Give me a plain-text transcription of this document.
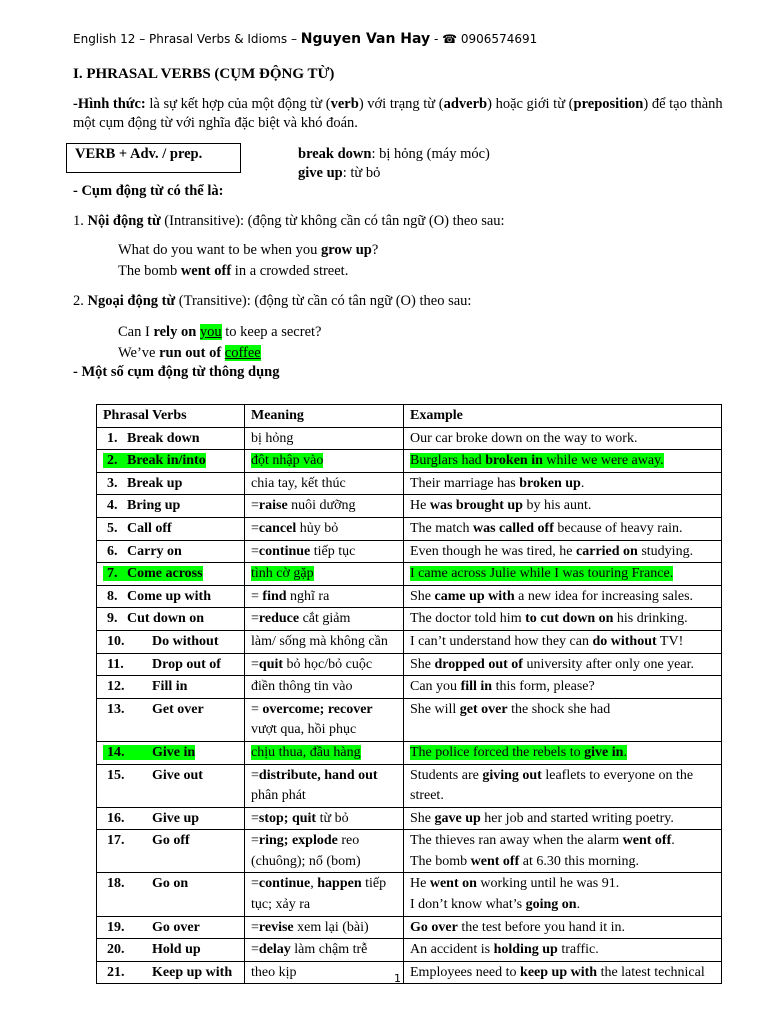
English 12 – Phrasal Verbs & Idioms – Nguyen Van Hay - ☎ 0906574691
I. PHRASAL VERBS (CỤM ĐỘNG TỪ)
-Hình thức: là sự kết hợp của một động từ (verb) với trạng từ (adverb) hoặc giới từ (preposition) để tạo thành một cụm động từ với nghĩa đặc biệt và khó đoán.
VERB + Adv. / prep.	break down: bị hỏng (máy móc)
give up: từ bỏ
- Cụm động từ có thể là:
1. Nội động từ (Intransitive): (động từ không cần có tân ngữ (O) theo sau:
What do you want to be when you grow up?
The bomb went off in a crowded street.
2. Ngoại động từ (Transitive): (động từ cần có tân ngữ (O) theo sau:
Can I rely on you to keep a secret?
We’ve run out of coffee
- Một số cụm động từ thông dụng
Phrasal Verbs	Meaning	Example
1. Break down	bị hỏng	Our car broke down on the way to work.
2. Break in/into	đột nhập vào	Burglars had broken in while we were away.
3. Break up	chia tay, kết thúc	Their marriage has broken up.
4. Bring up	=raise nuôi dưỡng	He was brought up by his aunt.
5. Call off	=cancel hủy bỏ	The match was called off because of heavy rain.
6. Carry on	=continue tiếp tục	Even though he was tired, he carried on studying.
7. Come across	tình cờ gặp	I came across Julie while I was touring France.
8. Come up with	= find nghĩ ra	She came up with a new idea for increasing sales.
9. Cut down on	=reduce cắt giảm	The doctor told him to cut down on his drinking.
10. Do without	làm/ sống mà không cần	I can’t understand how they can do without TV!
11. Drop out of	=quit bỏ học/bỏ cuộc	She dropped out of university after only one year.
12. Fill in	điền thông tin vào	Can you fill in this form, please?
13. Get over	= overcome; recover vượt qua, hồi phục	She will get over the shock she had
14. Give in	chịu thua, đầu hàng	The police forced the rebels to give in.
15. Give out	=distribute, hand out phân phát	Students are giving out leaflets to everyone on the street.
16. Give up	=stop; quit từ bỏ	She gave up her job and started writing poetry.
17. Go off	=ring; explode reo (chuông); nổ (bom)	The thieves ran away when the alarm went off.
The bomb went off at 6.30 this morning.
18. Go on	=continue, happen tiếp tục; xảy ra	He went on working until he was 91.
I don’t know what’s going on.
19. Go over	=revise xem lại (bài)	Go over the test before you hand it in.
20. Hold up	=delay làm chậm trễ	An accident is holding up traffic.
21. Keep up with	theo kịp	Employees need to keep up with the latest technical
1
